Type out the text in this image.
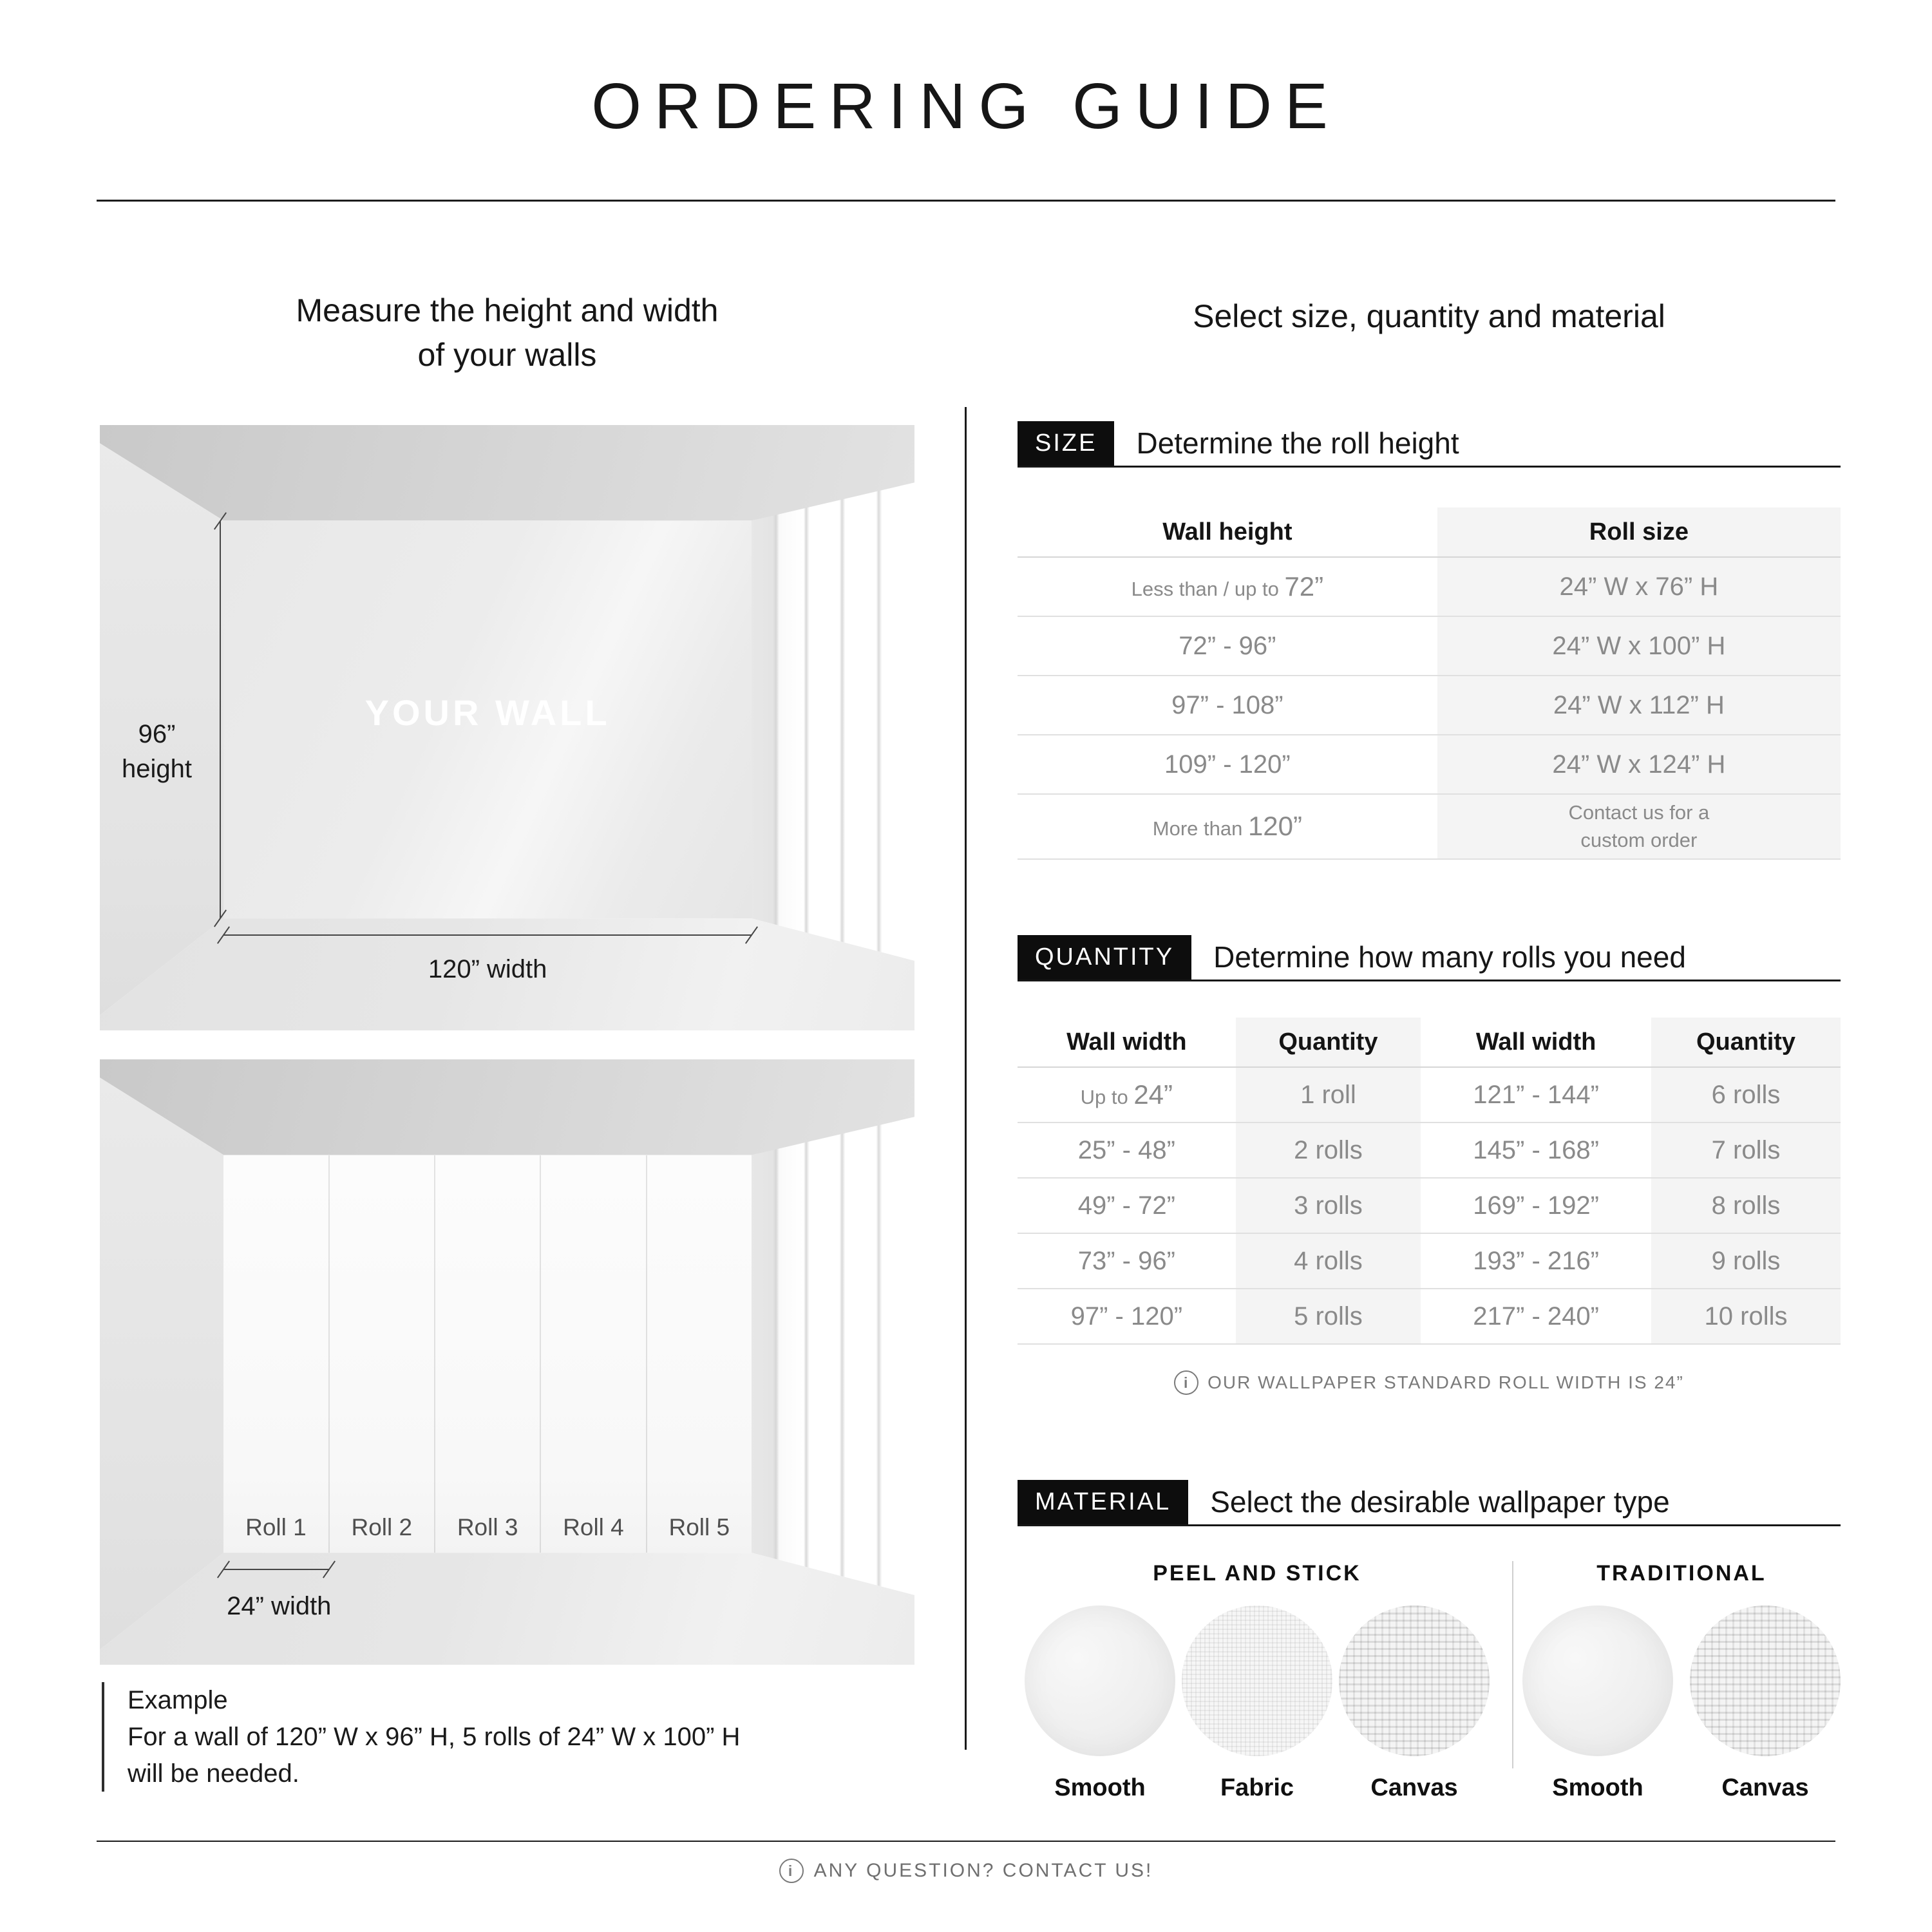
ORDERING GUIDE
Measure the height and width
of your walls
Select size, quantity and material
YOUR WALL
96”
height
120” width
Roll 1	Roll 2	Roll 3	Roll 4	Roll 5
24” width
Example
For a wall of 120” W x 96” H, 5 rolls of 24” W x 100” H
will be needed.
SIZE	Determine the roll height
Wall height	Roll size
Less than / up to 72”	24” W x 76” H
72” - 96”	24” W x 100” H
97” - 108”	24” W x 112” H
109” - 120”	24” W x 124” H
More than 120”	Contact us for a
custom order
QUANTITY	Determine how many rolls you need
Wall width	Quantity	Wall width	Quantity
Up to 24”	1 roll	121” - 144”	6 rolls
25” - 48”	2 rolls	145” - 168”	7 rolls
49” - 72”	3 rolls	169” - 192”	8 rolls
73” - 96”	4 rolls	193” - 216”	9 rolls
97” - 120”	5 rolls	217” - 240”	10 rolls
i	OUR WALLPAPER STANDARD ROLL WIDTH IS 24”
MATERIAL	Select the desirable wallpaper type
PEEL AND STICK
Smooth	Fabric	Canvas
TRADITIONAL
Smooth	Canvas
i	ANY QUESTION? CONTACT US!
